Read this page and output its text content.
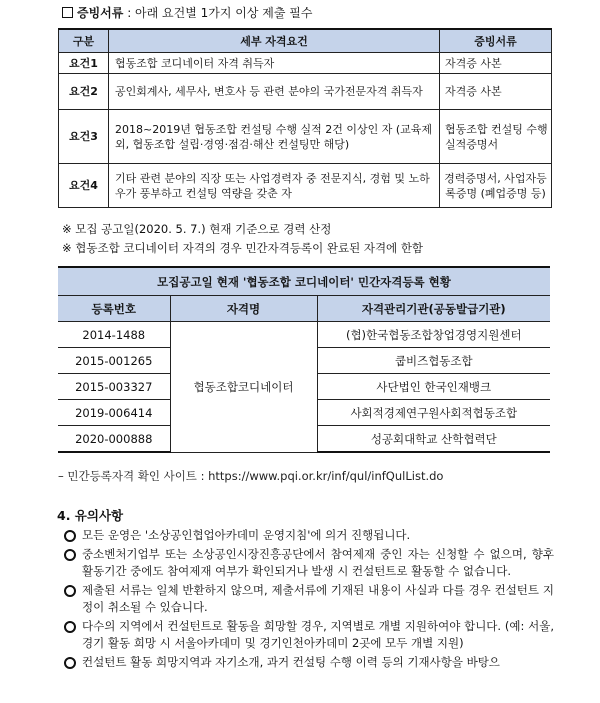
증빙서류 : 아래 요건별 1가지 이상 제출 필수
구분	세부 자격요건	증빙서류
요건1	협동조합 코디네이터 자격 취득자	자격증 사본
요건2	공인회계사, 세무사, 변호사 등 관련 분야의 국가전문자격 취득자	자격증 사본
요건3	2018~2019년 협동조합 컨설팅 수행 실적 2건 이상인 자 (교육제외, 협동조합 설립·경영·점검·해산 컨설팅만 해당)	협동조합 컨설팅 수행 실적증명서
요건4	기타 관련 분야의 직장 또는 사업경력자 중 전문지식, 경험 및 노하우가 풍부하고 컨설팅 역량을 갖춘 자	경력증명서, 사업자등록증명 (폐업증명 등)
※ 모집 공고일(2020. 5. 7.) 현재 기준으로 경력 산정
※ 협동조합 코디네이터 자격의 경우 민간자격등록이 완료된 자격에 한함
모집공고일 현재 '협동조합 코디네이터' 민간자격등록 현황		
등록번호	자격명	자격관리기관(공동발급기관)
2014-1488	협동조합코디네이터	(협)한국협동조합창업경영지원센터
2015-001265		쿱비즈협동조합
2015-003327		사단법인 한국인재뱅크
2019-006414		사회적경제연구원사회적협동조합
2020-000888		성공회대학교 산학협력단
– 민간등록자격 확인 사이트 : https://www.pqi.or.kr/inf/qul/infQulList.do
4. 유의사항
모든 운영은 '소상공인협업아카데미 운영지침'에 의거 진행됩니다.
중소벤처기업부 또는 소상공인시장진흥공단에서 참여제재 중인 자는 신청할 수 없으며, 향후 활동기간 중에도 참여제재 여부가 확인되거나 발생 시 컨설턴트로 활동할 수 없습니다.
제출된 서류는 일체 반환하지 않으며, 제출서류에 기재된 내용이 사실과 다를 경우 컨설턴트 지정이 취소될 수 있습니다.
다수의 지역에서 컨설턴트로 활동을 희망할 경우, 지역별로 개별 지원하여야 합니다. (예: 서울, 경기 활동 희망 시 서울아카데미 및 경기인천아카데미 2곳에 모두 개별 지원)
컨설턴트 활동 희망지역과 자기소개, 과거 컨설팅 수행 이력 등의 기재사항을 바탕으
